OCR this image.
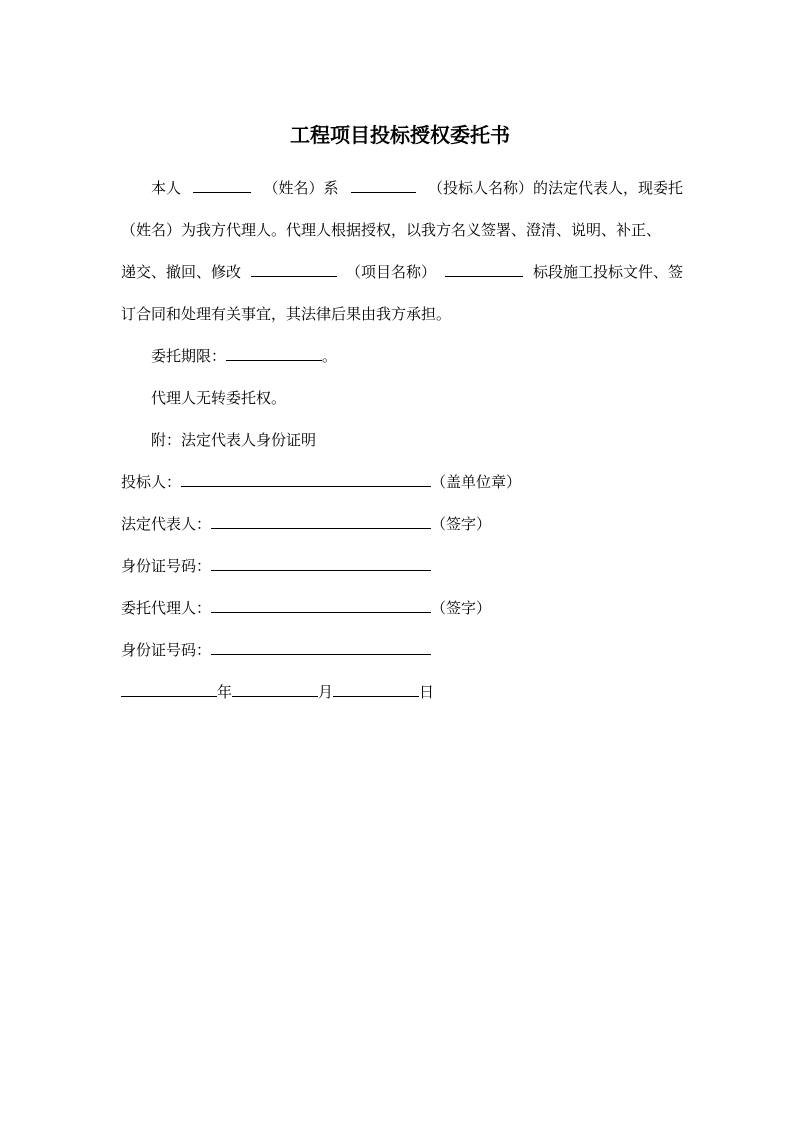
工程项目投标授权委托书
本人	（姓名）系	（投标人名称）的法定代表人，现委托
（姓名）为我方代理人。代理人根据授权，以我方名义签署、澄清、说明、补正、
递交、撤回、修改	（项目名称）	标段施工投标文件、签
订合同和处理有关事宜，其法律后果由我方承担。
委托期限：	。
代理人无转委托权。
附：法定代表人身份证明
投标人：	（盖单位章）
法定代表人：	（签字）
身份证号码：
委托代理人：	（签字）
身份证号码：
年	月	日
